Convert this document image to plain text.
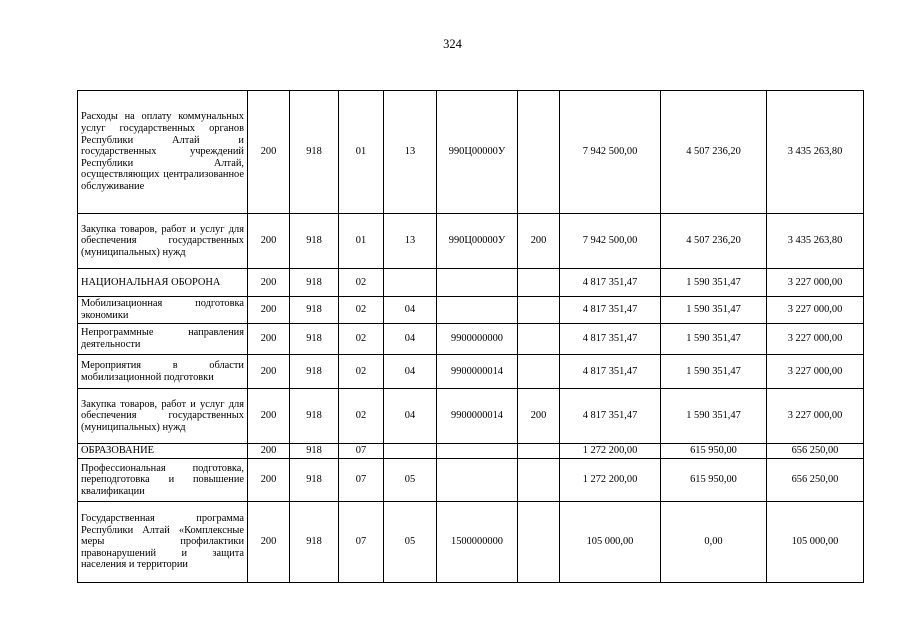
324
Расходы на оплату коммунальных услуг государственных органов Республики Алтай и государственных учреждений Республики Алтай, осуществляющих централизованное обслуживание	200	918	01	13	990Ц00000У		7 942 500,00	4 507 236,20	3 435 263,80
Закупка товаров, работ и услуг для обеспечения государственных (муниципальных) нужд	200	918	01	13	990Ц00000У	200	7 942 500,00	4 507 236,20	3 435 263,80
НАЦИОНАЛЬНАЯ ОБОРОНА	200	918	02				4 817 351,47	1 590 351,47	3 227 000,00
Мобилизационная подготовка экономики	200	918	02	04			4 817 351,47	1 590 351,47	3 227 000,00
Непрограммные направления деятельности	200	918	02	04	9900000000		4 817 351,47	1 590 351,47	3 227 000,00
Мероприятия в области мобилизационной подготовки	200	918	02	04	9900000014		4 817 351,47	1 590 351,47	3 227 000,00
Закупка товаров, работ и услуг для обеспечения государственных (муниципальных) нужд	200	918	02	04	9900000014	200	4 817 351,47	1 590 351,47	3 227 000,00
ОБРАЗОВАНИЕ	200	918	07				1 272 200,00	615 950,00	656 250,00
Профессиональная подготовка, переподготовка и повышение квалификации	200	918	07	05			1 272 200,00	615 950,00	656 250,00
Государственная программа Республики Алтай «Комплексные меры профилактики правонарушений и защита населения и территории	200	918	07	05	1500000000		105 000,00	0,00	105 000,00
